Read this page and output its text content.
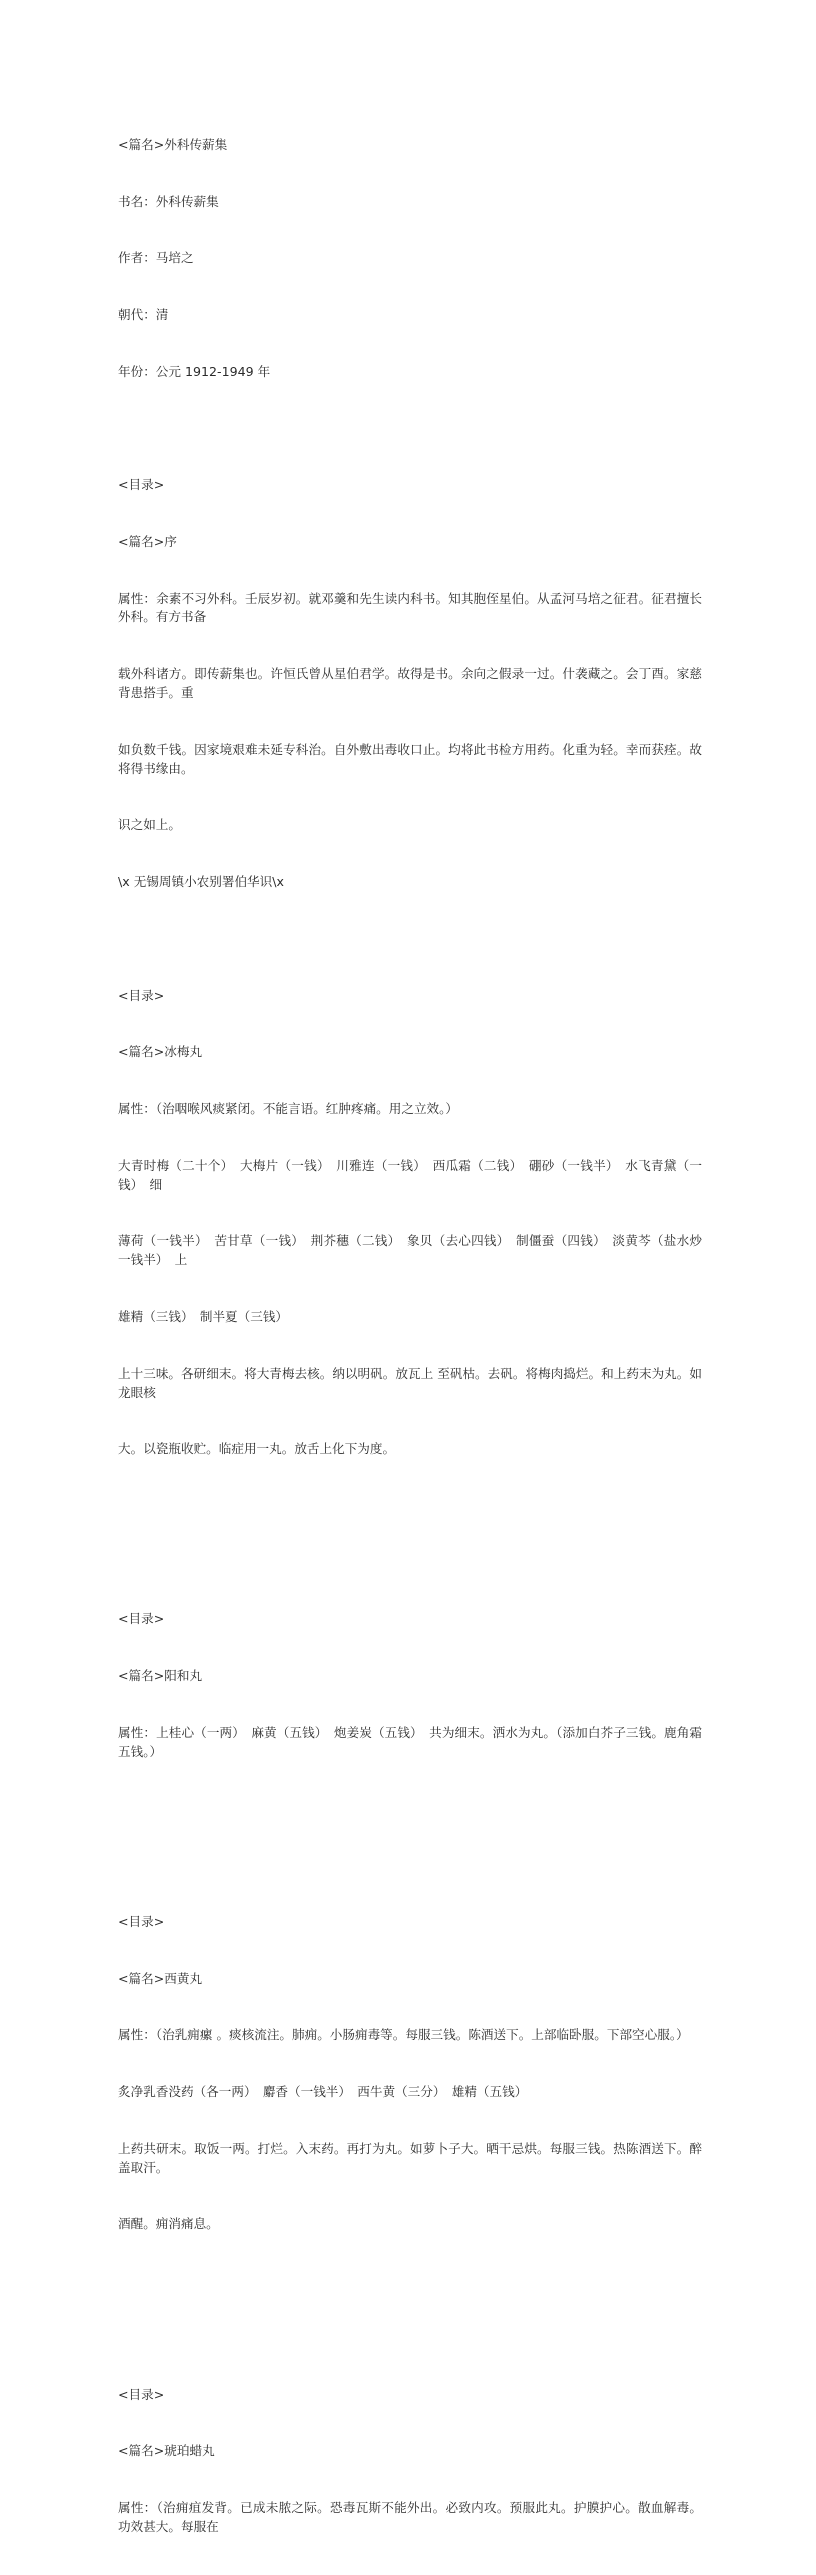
<篇名>外科传薪集

书名：外科传薪集

作者：马培之

朝代：清

年份：公元 1912-1949 年

<目录>

<篇名>序

属性：余素不习外科。壬辰岁初。就邓羹和先生读内科书。知其胞侄星伯。从孟河马培之征君。征君擅长外科。有方书备

载外科诸方。即传薪集也。许恒氏曾从星伯君学。故得是书。余向之假录一过。什袭藏之。会丁酉。家慈背患搭手。重

如负数千钱。因家境艰难未延专科治。自外敷出毒收口止。均将此书检方用药。化重为轻。幸而获痊。故将得书缘由。

识之如上。

\x 无锡周镇小农别署伯华识\x

<目录>

<篇名>冰梅丸

属性：（治咽喉风痰紧闭。不能言语。红肿疼痛。用之立效。）

大青时梅（二十个）　大梅片（一钱）　川雅连（一钱）　西瓜霜（二钱）　硼砂（一钱半）　水飞青黛（一钱）　细

薄荷（一钱半）　苦甘草（一钱）　荆芥穗（二钱）　象贝（去心四钱）　制僵蚕（四钱）　淡黄芩（盐水炒一钱半）　上

雄精（三钱）　制半夏（三钱）

上十三味。各研细末。将大青梅去核。纳以明矾。放瓦上 至矾枯。去矾。将梅肉捣烂。和上药末为丸。如龙眼核

大。以瓷瓶收贮。临症用一丸。放舌上化下为度。

<目录>

<篇名>阳和丸

属性：上桂心（一两）　麻黄（五钱）　炮姜炭（五钱）　共为细末。洒水为丸。（添加白芥子三钱。鹿角霜五钱。）

<目录>

<篇名>西黄丸

属性：（治乳痈瘰 。痰核流注。肺痈。小肠痈毒等。每服三钱。陈酒送下。上部临卧服。下部空心服。）

炙净乳香没药（各一两）　麝香（一钱半）　西牛黄（三分）　雄精（五钱）

上药共研末。取饭一两。打烂。入末药。再打为丸。如萝卜子大。晒干忌烘。每服三钱。热陈酒送下。醉盖取汗。

酒醒。痈消痛息。

<目录>

<篇名>琥珀蜡丸

属性：（治痈疽发背。已成未脓之际。恐毒瓦斯不能外出。必致内攻。预服此丸。护膜护心。散血解毒。功效甚大。每服在
